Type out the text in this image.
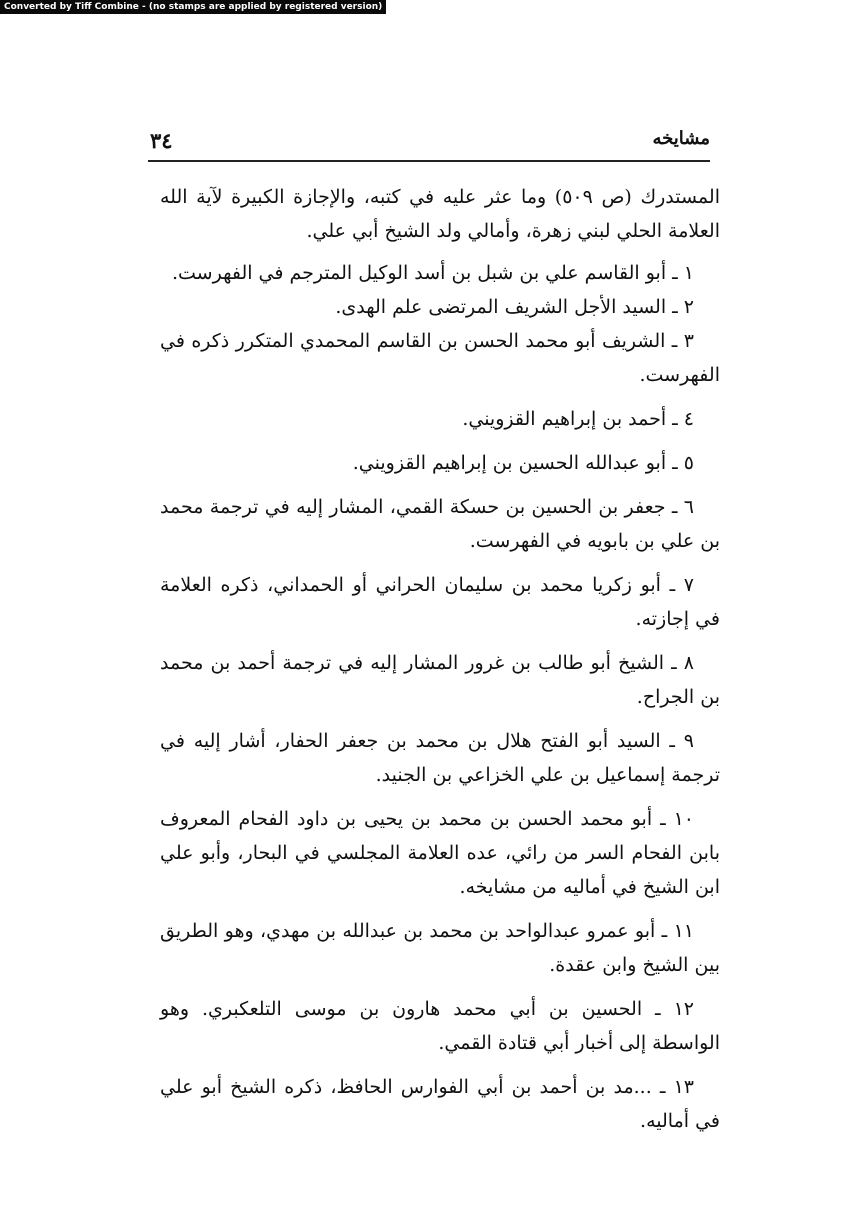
Converted by Tiff Combine - (no stamps are applied by registered version)
٣٤	مشايخه

المستدرك (ص ٥٠٩) وما عثر عليه في كتبه، والإجازة الكبيرة لآية الله العلامة الحلي لبني زهرة، وأمالي ولد الشيخ أبي علي.

١ ـ أبو القاسم علي بن شبل بن أسد الوكيل المترجم في الفهرست.

٢ ـ السيد الأجل الشريف المرتضى علم الهدى.

٣ ـ الشريف أبو محمد الحسن بن القاسم المحمدي المتكرر ذكره في الفهرست.

٤ ـ أحمد بن إبراهيم القزويني.

٥ ـ أبو عبدالله الحسين بن إبراهيم القزويني.

٦ ـ جعفر بن الحسين بن حسكة القمي، المشار إليه في ترجمة محمد بن علي بن بابويه في الفهرست.

٧ ـ أبو زكريا محمد بن سليمان الحراني أو الحمداني، ذكره العلامة في إجازته.

٨ ـ الشيخ أبو طالب بن غرور المشار إليه في ترجمة أحمد بن محمد بن الجراح.

٩ ـ السيد أبو الفتح هلال بن محمد بن جعفر الحفار، أشار إليه في ترجمة إسماعيل بن علي الخزاعي بن الجنيد.

١٠ ـ أبو محمد الحسن بن محمد بن يحيى بن داود الفحام المعروف بابن الفحام السر من رائي، عده العلامة المجلسي في البحار، وأبو علي ابن الشيخ في أماليه من مشايخه.

١١ ـ أبو عمرو عبدالواحد بن محمد بن عبدالله بن مهدي، وهو الطريق بين الشيخ وابن عقدة.

١٢ ـ الحسين بن أبي محمد هارون بن موسى التلعكبري. وهو الواسطة إلى أخبار أبي قتادة القمي.

١٣ ـ ...مد بن أحمد بن أبي الفوارس الحافظ، ذكره الشيخ أبو علي في أماليه.
